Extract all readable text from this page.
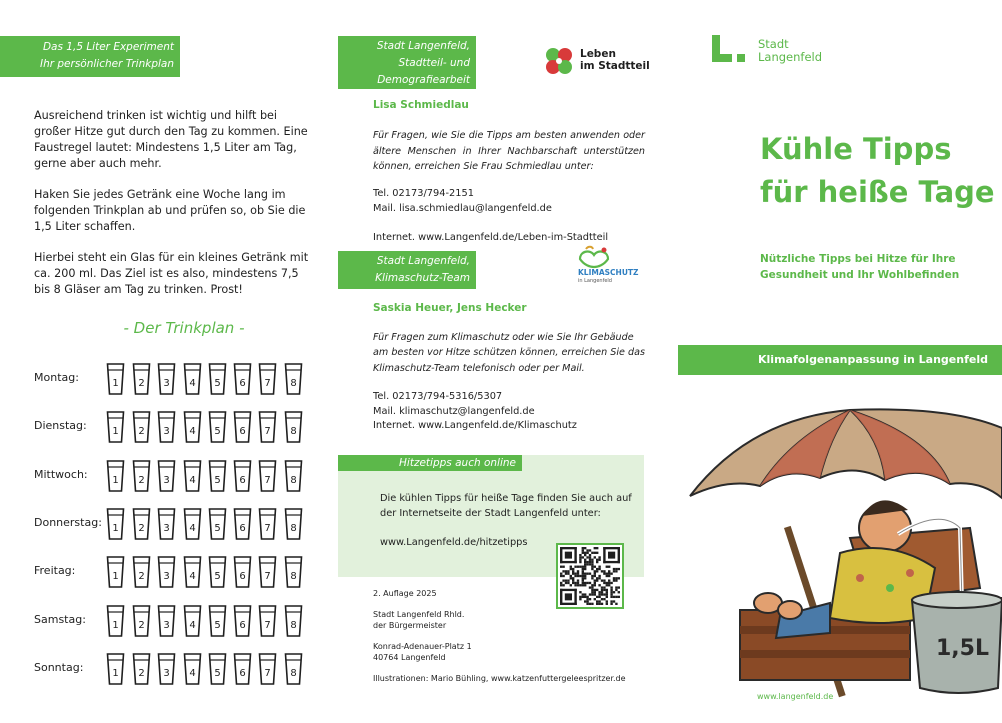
Das 1,5 Liter Experiment
Ihr persönlicher Trinkplan

Ausreichend trinken ist wichtig und hilft bei großer Hitze gut durch den Tag zu kommen. Eine Faustregel lautet: Mindestens 1,5 Liter am Tag, gerne aber auch mehr.

Haken Sie jedes Getränk eine Woche lang im folgenden Trinkplan ab und prüfen so, ob Sie die 1,5 Liter schaffen.

Hierbei steht ein Glas für ein kleines Getränk mit ca. 200 ml. Das Ziel ist es also, mindestens 7,5 bis 8 Gläser am Tag zu trinken. Prost!

- Der Trinkplan -
Montag:	1	2	3	4	5	6	7	8
Dienstag:	1	2	3	4	5	6	7	8
Mittwoch:	1	2	3	4	5	6	7	8
Donnerstag:	1	2	3	4	5	6	7	8
Freitag:	1	2	3	4	5	6	7	8
Samstag:	1	2	3	4	5	6	7	8
Sonntag:	1	2	3	4	5	6	7	8
Stadt Langenfeld,
Stadtteil- und
Demografiearbeit
Leben
im Stadtteil
Lisa Schmiedlau
Für Fragen, wie Sie die Tipps am besten anwenden oder ältere Menschen in Ihrer Nachbarschaft unterstützen können, erreichen Sie Frau Schmiedlau unter:
Tel. 02173/794-2151
Mail. lisa.schmiedlau@langenfeld.de
Internet. www.Langenfeld.de/Leben-im-Stadtteil
Stadt Langenfeld,
Klimaschutz-Team	KLIMASCHUTZ
in Langenfeld
Saskia Heuer, Jens Hecker
Für Fragen zum Klimaschutz oder wie Sie Ihr Gebäude
am besten vor Hitze schützen können, erreichen Sie das Klimaschutz-Team telefonisch oder per Mail.
Tel. 02173/794-5316/5307
Mail. klimaschutz@langenfeld.de
Internet. www.Langenfeld.de/Klimaschutz
Hitzetipps auch online
Die kühlen Tipps für heiße Tage finden Sie auch auf der Internetseite der Stadt Langenfeld unter:
www.Langenfeld.de/hitzetipps
2. Auflage 2025
Stadt Langenfeld Rhld.
der Bürgermeister
Konrad-Adenauer-Platz 1
40764 Langenfeld
Illustrationen: Mario Bühling, www.katzenfuttergeleespritzer.de
Stadt
Langenfeld
Kühle Tipps
für heiße Tage
Nützliche Tipps bei Hitze für Ihre
Gesundheit und Ihr Wohlbefinden
Klimafolgenanpassung in Langenfeld
1,5L
www.langenfeld.de
